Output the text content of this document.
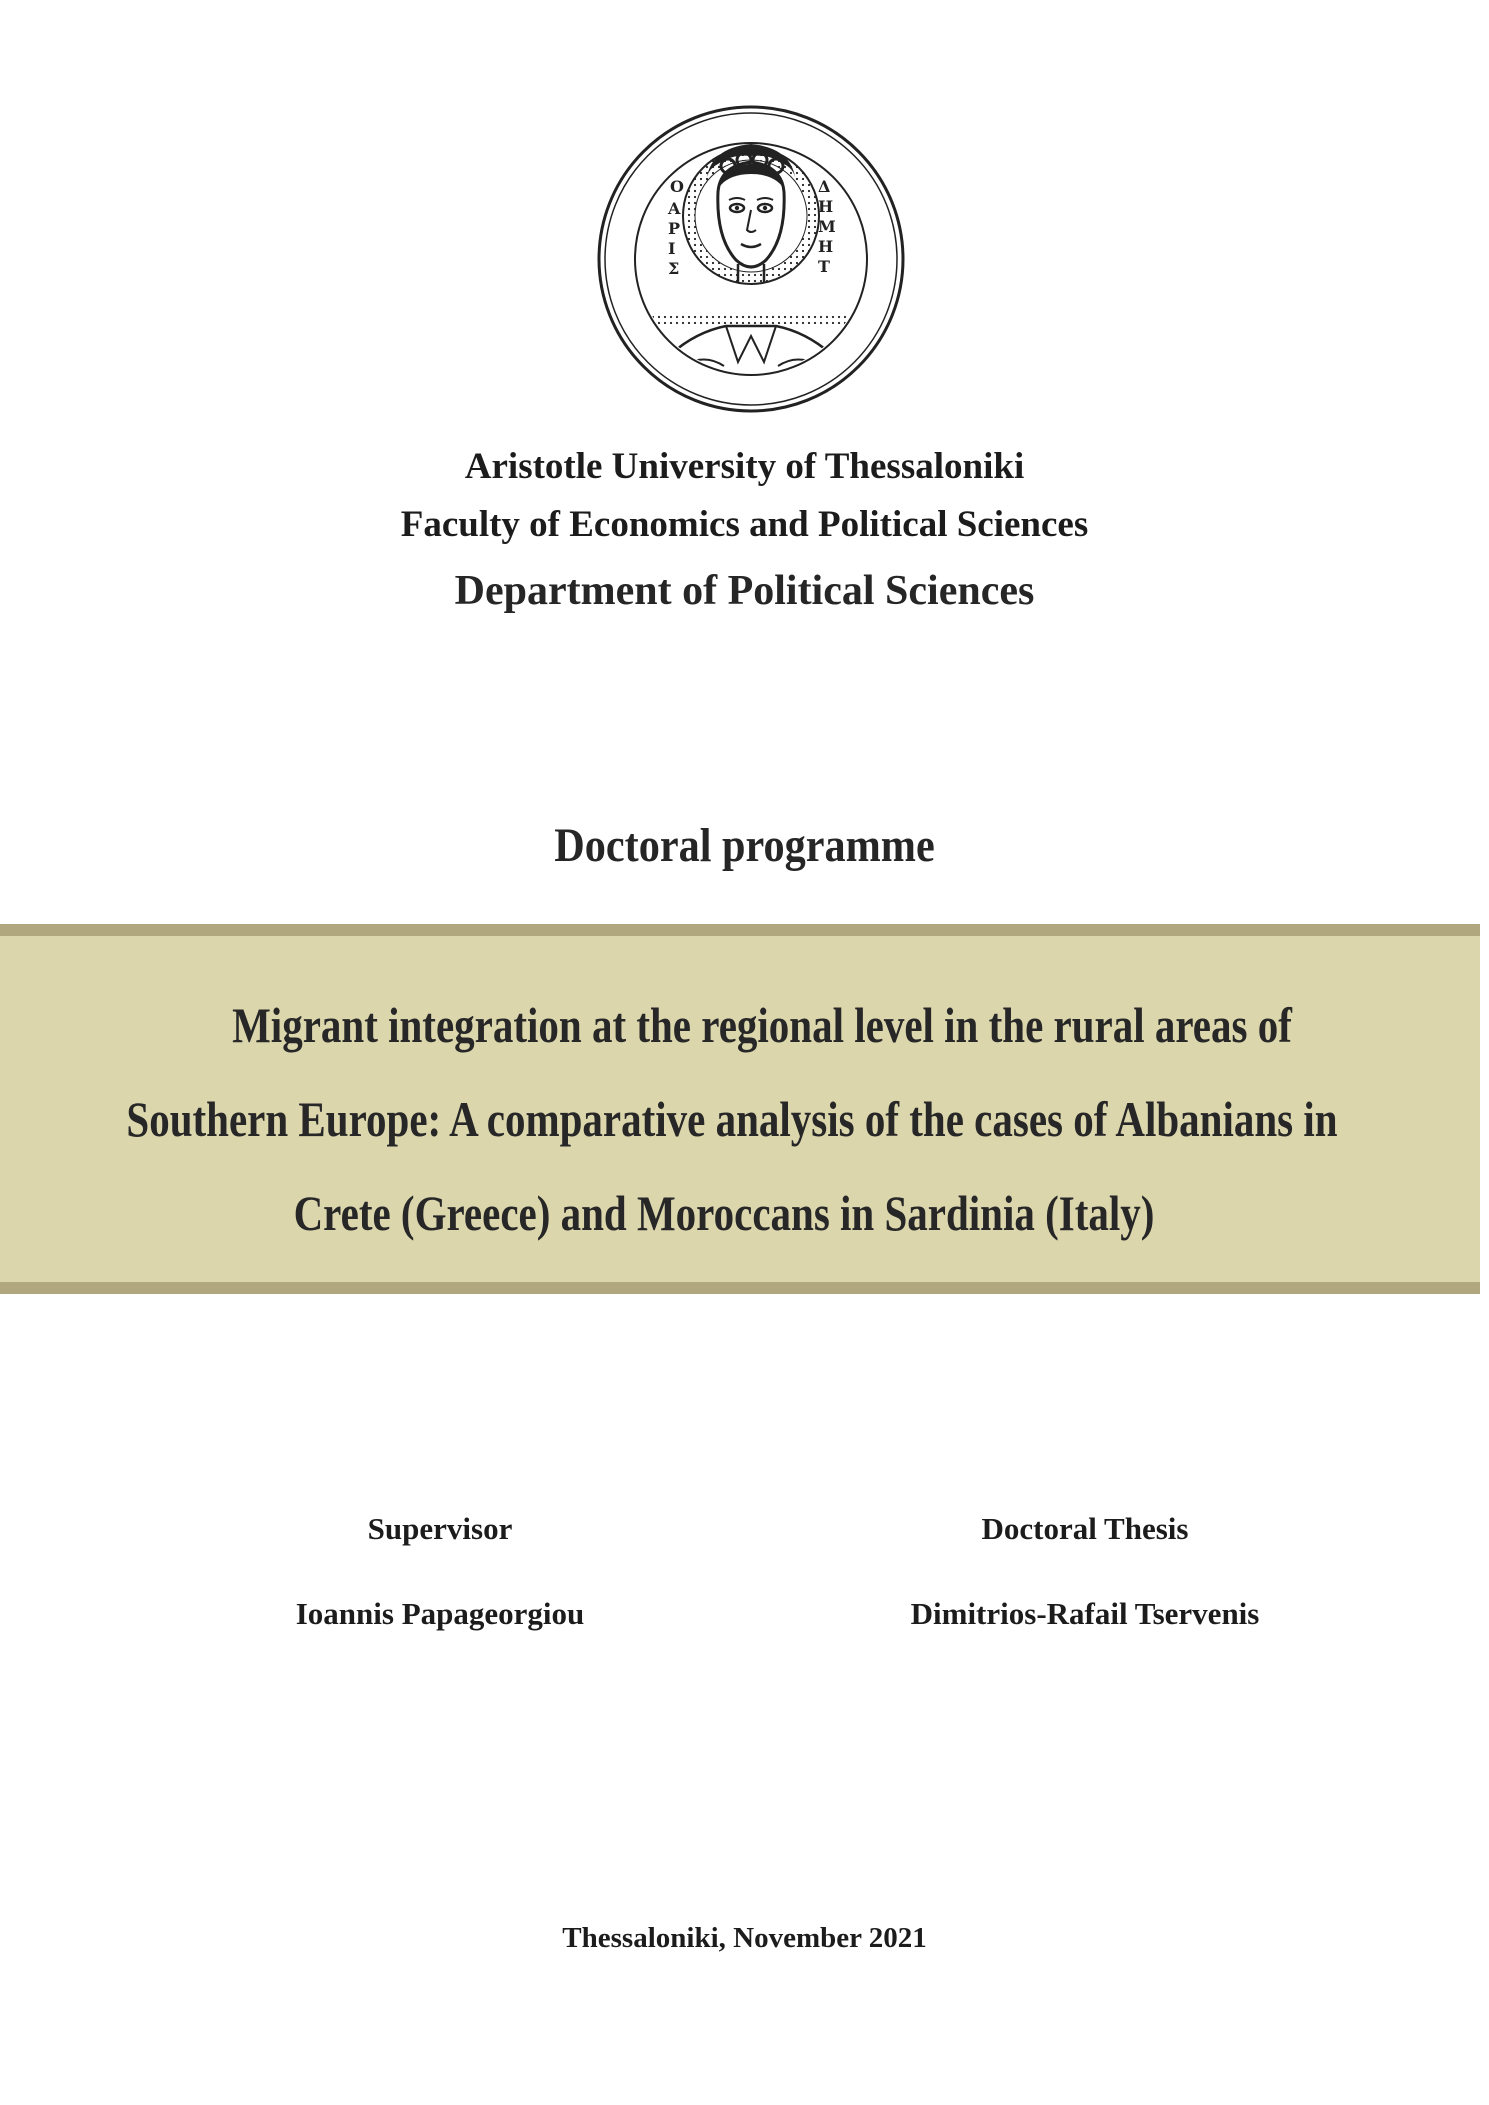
Ο
Α
Ρ
Ι
Σ
Δ
Η
Μ
Η
Τ
Aristotle University of Thessaloniki
Faculty of Economics and Political Sciences
Department of Political Sciences
Doctoral programme
Migrant integration at the regional level in the rural areas of
Southern Europe: A comparative analysis of the cases of Albanians in
Crete (Greece) and Moroccans in Sardinia (Italy)
Supervisor
Ioannis Papageorgiou
Doctoral Thesis
Dimitrios-Rafail Tservenis
Thessaloniki, November 2021
